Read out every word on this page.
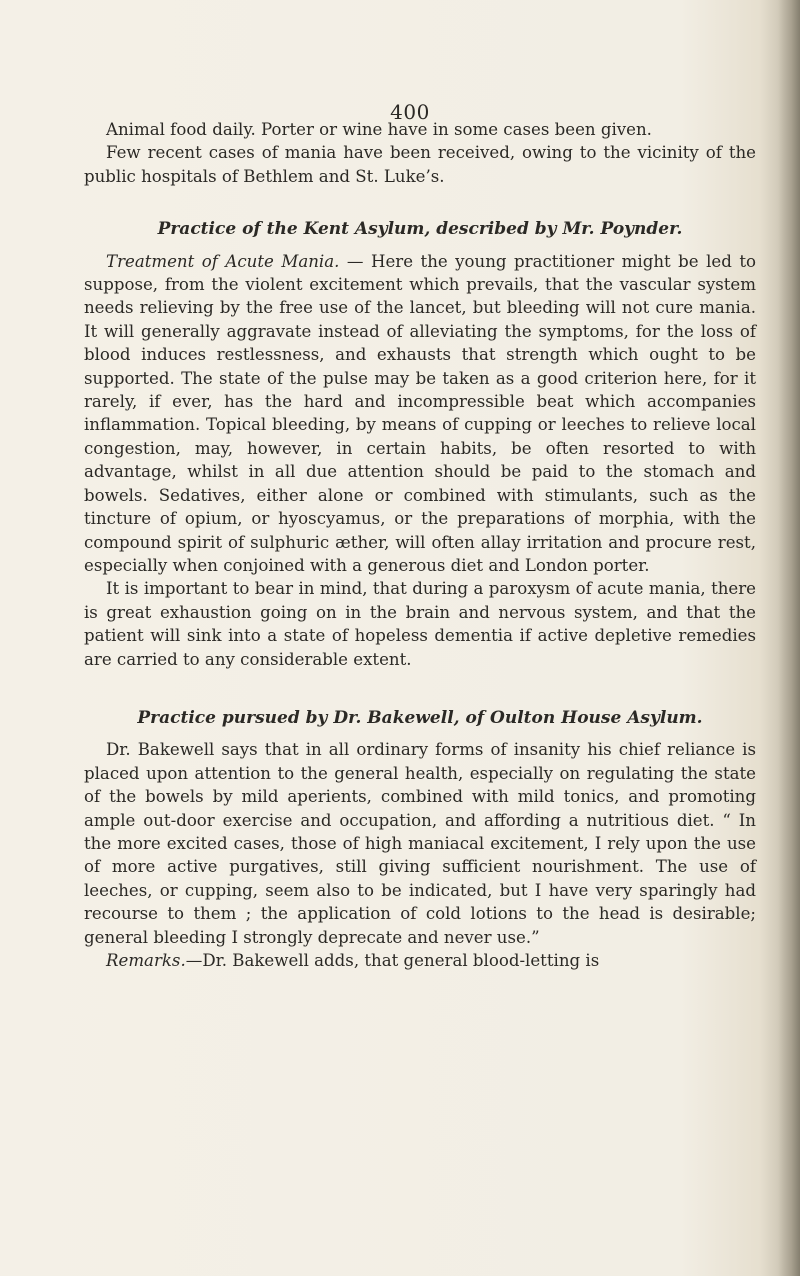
400

Animal food daily. Porter or wine have in some cases been given.

Few recent cases of mania have been received, owing to the vicinity of the public hospitals of Bethlem and St. Luke’s.

Practice of the Kent Asylum, described by Mr. Poynder.

Treatment of Acute Mania. — Here the young practitioner might be led to suppose, from the violent excitement which prevails, that the vascular system needs relieving by the free use of the lancet, but bleeding will not cure mania. It will generally aggravate instead of alleviating the symptoms, for the loss of blood induces restlessness, and exhausts that strength which ought to be supported. The state of the pulse may be taken as a good criterion here, for it rarely, if ever, has the hard and incompressible beat which accompanies inflammation. Topical bleeding, by means of cupping or leeches to relieve local congestion, may, however, in certain habits, be often resorted to with advantage, whilst in all due attention should be paid to the stomach and bowels. Sedatives, either alone or combined with stimulants, such as the tincture of opium, or hyoscyamus, or the preparations of morphia, with the compound spirit of sulphuric æther, will often allay irritation and procure rest, especially when conjoined with a generous diet and London porter.

It is important to bear in mind, that during a paroxysm of acute mania, there is great exhaustion going on in the brain and nervous system, and that the patient will sink into a state of hopeless dementia if active depletive remedies are carried to any considerable extent.

Practice pursued by Dr. Bakewell, of Oulton House Asylum.

Dr. Bakewell says that in all ordinary forms of insanity his chief reliance is placed upon attention to the general health, especially on regulating the state of the bowels by mild aperients, combined with mild tonics, and promoting ample out-door exercise and occupation, and affording a nutritious diet. “ In the more excited cases, those of high maniacal excitement, I rely upon the use of more active purgatives, still giving sufficient nourishment. The use of leeches, or cupping, seem also to be indicated, but I have very sparingly had recourse to them ; the application of cold lotions to the head is desirable; general bleeding I strongly deprecate and never use.”

Remarks.—Dr. Bakewell adds, that general blood-letting is
